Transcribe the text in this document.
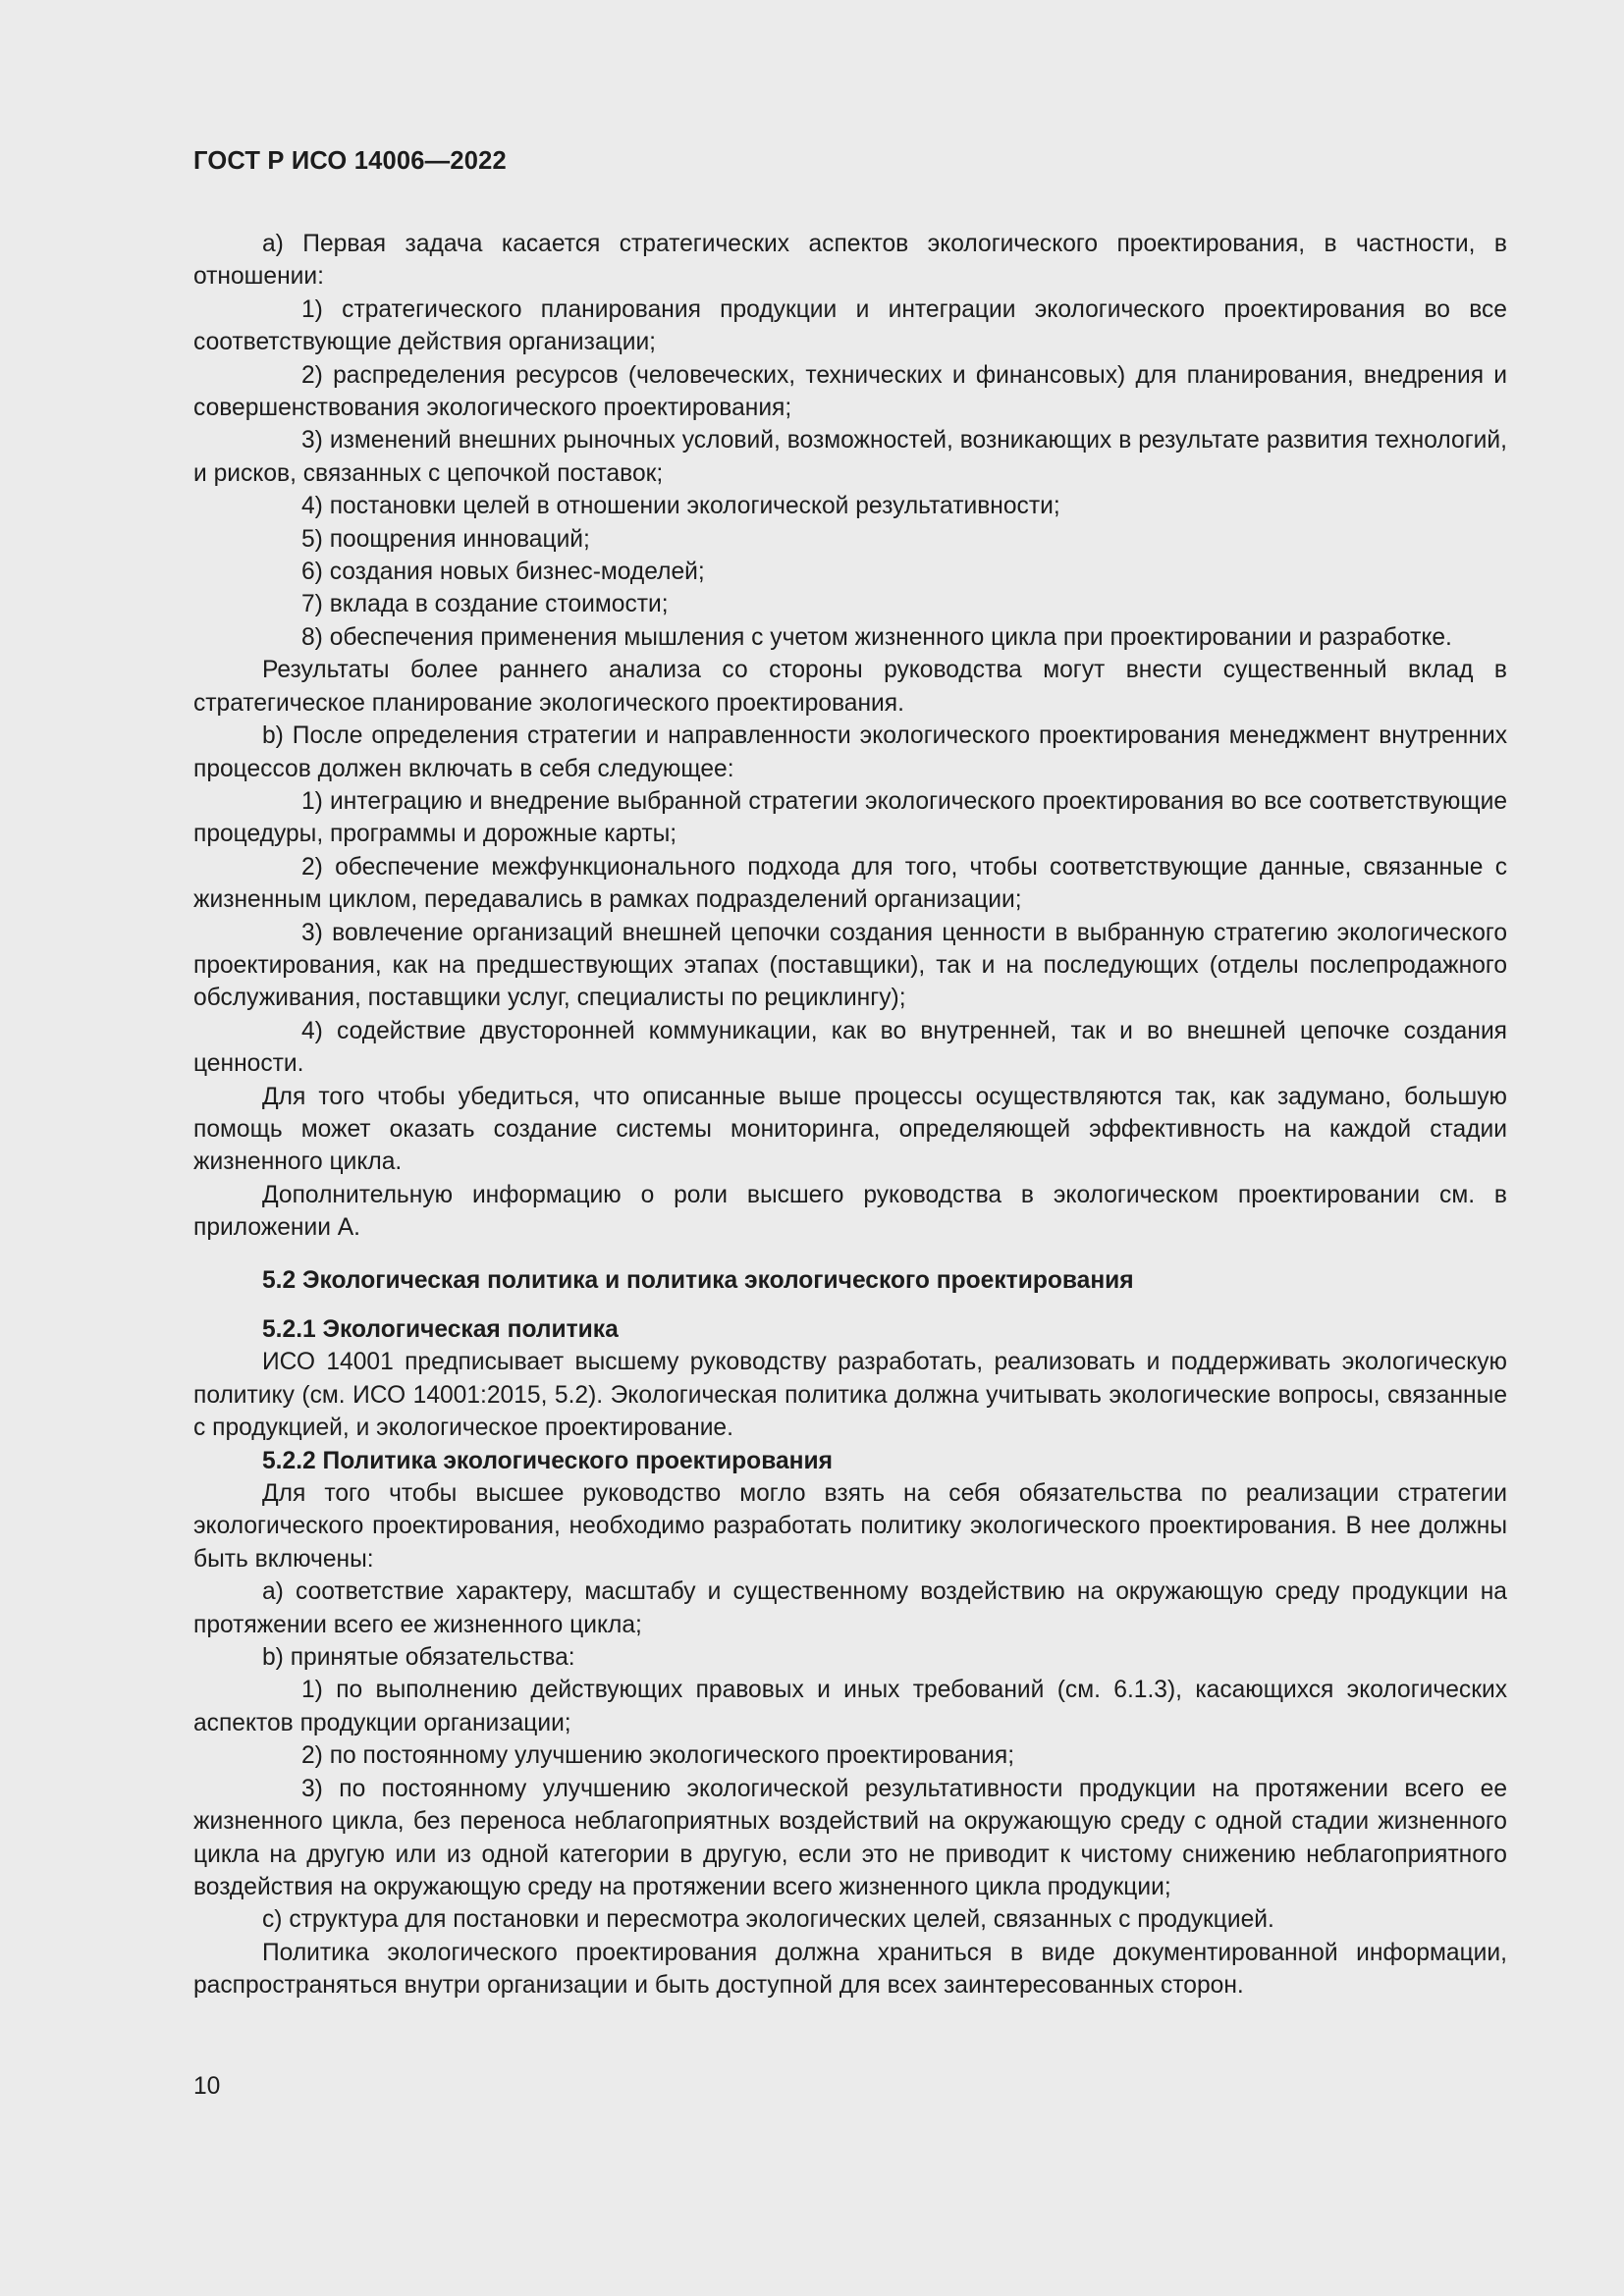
ГОСТ Р ИСО 14006—2022

a) Первая задача касается стратегических аспектов экологического проектирования, в частности, в отношении:

1) стратегического планирования продукции и интеграции экологического проектирования во все соответствующие действия организации;

2) распределения ресурсов (человеческих, технических и финансовых) для планирования, внедрения и совершенствования экологического проектирования;

3) изменений внешних рыночных условий, возможностей, возникающих в результате развития технологий, и рисков, связанных с цепочкой поставок;

4) постановки целей в отношении экологической результативности;

5) поощрения инноваций;

6) создания новых бизнес-моделей;

7) вклада в создание стоимости;

8) обеспечения применения мышления с учетом жизненного цикла при проектировании и разработке.

Результаты более раннего анализа со стороны руководства могут внести существенный вклад в стратегическое планирование экологического проектирования.

b) После определения стратегии и направленности экологического проектирования менеджмент внутренних процессов должен включать в себя следующее:

1) интеграцию и внедрение выбранной стратегии экологического проектирования во все соответствующие процедуры, программы и дорожные карты;

2) обеспечение межфункционального подхода для того, чтобы соответствующие данные, связанные с жизненным циклом, передавались в рамках подразделений организации;

3) вовлечение организаций внешней цепочки создания ценности в выбранную стратегию экологического проектирования, как на предшествующих этапах (поставщики), так и на последующих (отделы послепродажного обслуживания, поставщики услуг, специалисты по рециклингу);

4) содействие двусторонней коммуникации, как во внутренней, так и во внешней цепочке создания ценности.

Для того чтобы убедиться, что описанные выше процессы осуществляются так, как задумано, большую помощь может оказать создание системы мониторинга, определяющей эффективность на каждой стадии жизненного цикла.

Дополнительную информацию о роли высшего руководства в экологическом проектировании см. в приложении А.

5.2 Экологическая политика и политика экологического проектирования

5.2.1 Экологическая политика

ИСО 14001 предписывает высшему руководству разработать, реализовать и поддерживать экологическую политику (см. ИСО 14001:2015, 5.2). Экологическая политика должна учитывать экологические вопросы, связанные с продукцией, и экологическое проектирование.

5.2.2 Политика экологического проектирования

Для того чтобы высшее руководство могло взять на себя обязательства по реализации стратегии экологического проектирования, необходимо разработать политику экологического проектирования. В нее должны быть включены:

a) соответствие характеру, масштабу и существенному воздействию на окружающую среду продукции на протяжении всего ее жизненного цикла;

b) принятые обязательства:

1) по выполнению действующих правовых и иных требований (см. 6.1.3), касающихся экологических аспектов продукции организации;

2) по постоянному улучшению экологического проектирования;

3) по постоянному улучшению экологической результативности продукции на протяжении всего ее жизненного цикла, без переноса неблагоприятных воздействий на окружающую среду с одной стадии жизненного цикла на другую или из одной категории в другую, если это не приводит к чистому снижению неблагоприятного воздействия на окружающую среду на протяжении всего жизненного цикла продукции;

c) структура для постановки и пересмотра экологических целей, связанных с продукцией.

Политика экологического проектирования должна храниться в виде документированной информации, распространяться внутри организации и быть доступной для всех заинтересованных сторон.

10
